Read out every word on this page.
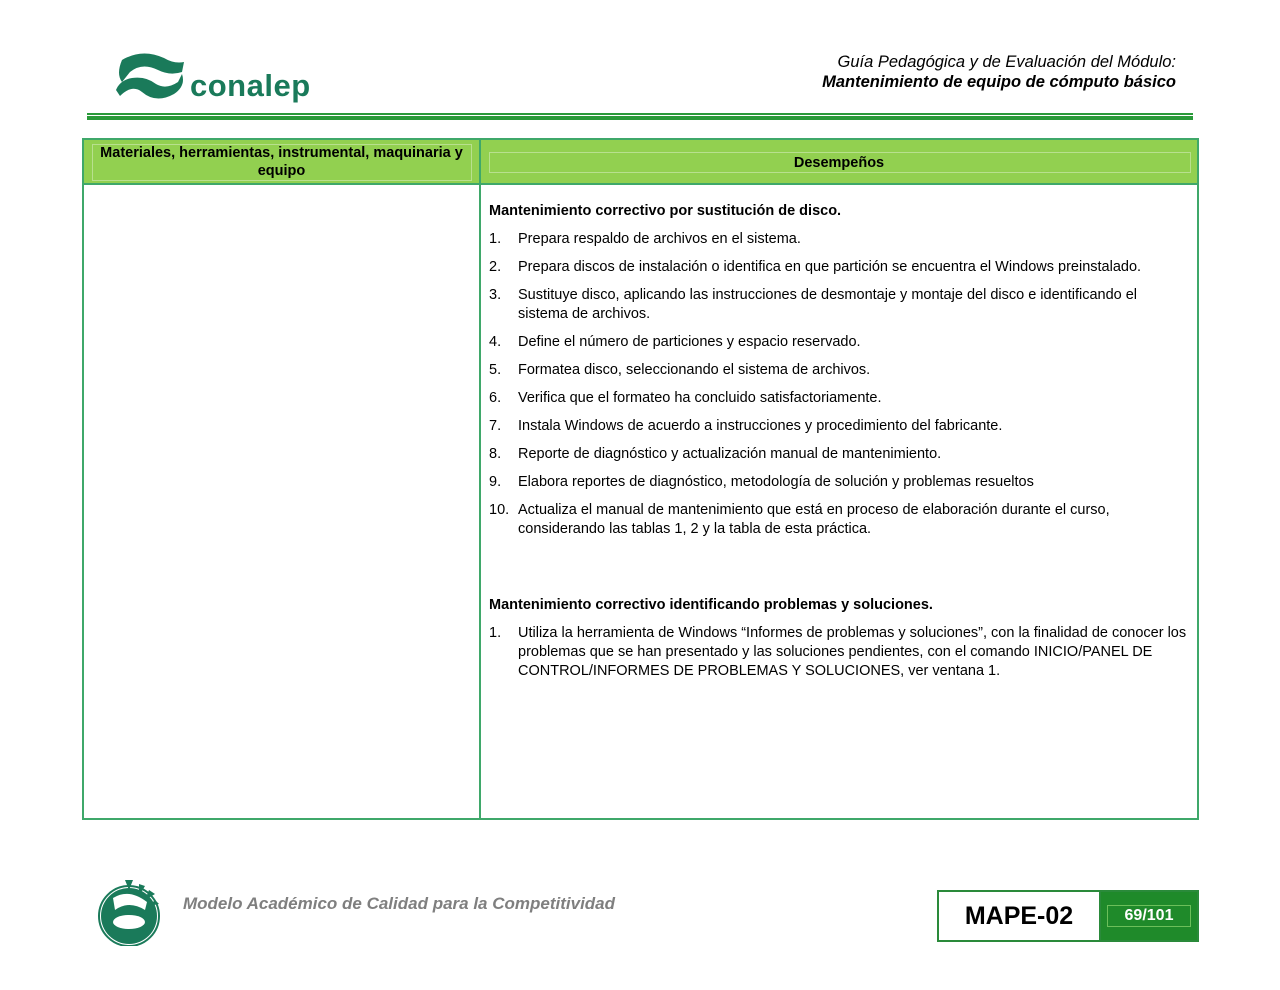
conalep
Guía Pedagógica y de Evaluación del Módulo:
Mantenimiento de equipo de cómputo básico
Materiales, herramientas, instrumental, maquinaria y equipo	Desempeños
Mantenimiento correctivo por sustitución de disco.
1. Prepara respaldo de archivos en el sistema.
2. Prepara discos de instalación o identifica en que partición se encuentra el Windows preinstalado.
3. Sustituye disco, aplicando las instrucciones de desmontaje y montaje del disco e identificando el sistema de archivos.
4. Define el número de particiones y espacio reservado.
5. Formatea disco, seleccionando el sistema de archivos.
6. Verifica que el formateo ha concluido satisfactoriamente.
7. Instala Windows de acuerdo a instrucciones y procedimiento del fabricante.
8. Reporte de diagnóstico y actualización manual de mantenimiento.
9. Elabora reportes de diagnóstico, metodología de solución y problemas resueltos
10. Actualiza el manual de mantenimiento que está en proceso de elaboración durante el curso, considerando las tablas 1, 2 y la tabla de esta práctica.
Mantenimiento correctivo identificando problemas y soluciones.
1. Utiliza la herramienta de Windows “Informes de problemas y soluciones”, con la finalidad de conocer los problemas que se han presentado y las soluciones pendientes, con el comando INICIO/PANEL DE CONTROL/INFORMES DE PROBLEMAS Y SOLUCIONES, ver ventana 1.
Modelo Académico de Calidad para la Competitividad	MAPE-02	69/101
